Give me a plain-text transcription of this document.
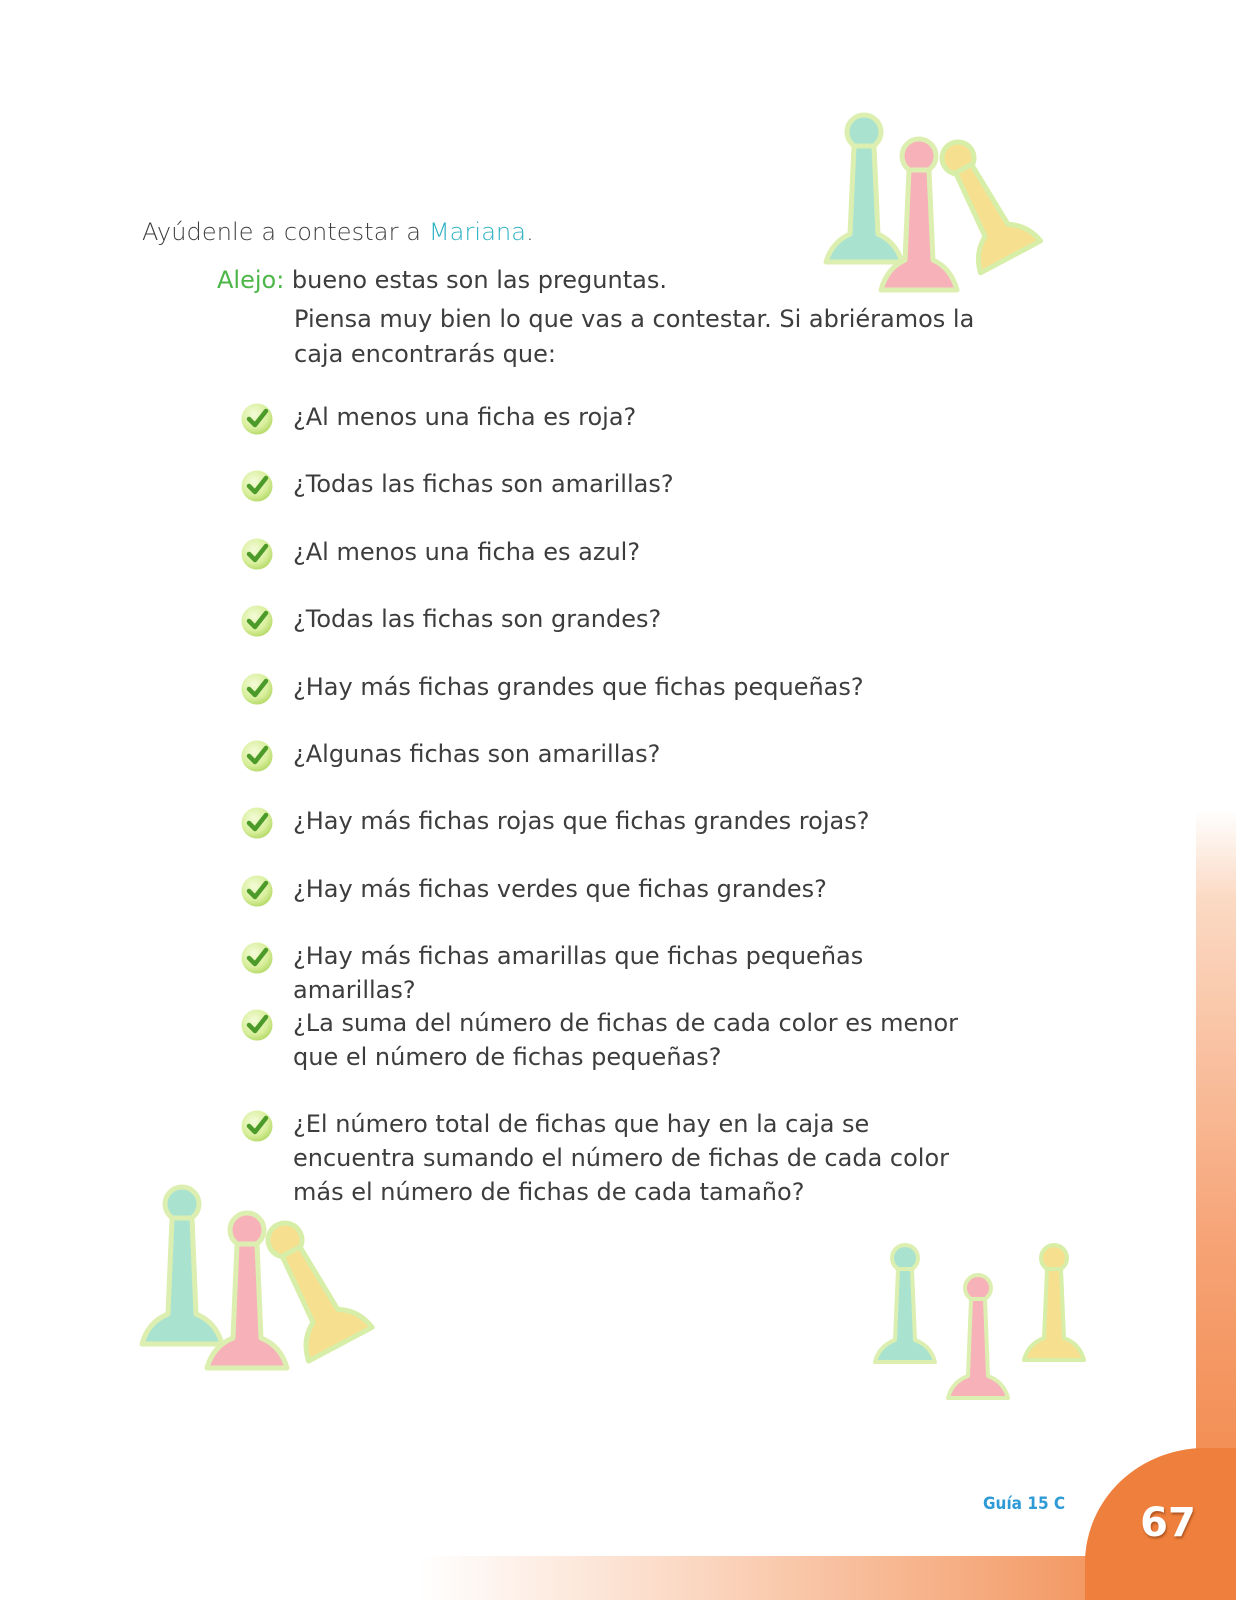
Ayúdenle a contestar a Mariana.
Alejo: bueno estas son las preguntas.
Piensa muy bien lo que vas a contestar. Si abriéramos la caja encontrarás que:
¿Al menos una ficha es roja?
¿Todas las fichas son amarillas?
¿Al menos una ficha es azul?
¿Todas las fichas son grandes?
¿Hay más fichas grandes que fichas pequeñas?
¿Algunas fichas son amarillas?
¿Hay más fichas rojas que fichas grandes rojas?
¿Hay más fichas verdes que fichas grandes?
¿Hay más fichas amarillas que fichas pequeñas amarillas?
¿La suma del número de fichas de cada color es menor que el número de fichas pequeñas?
¿El número total de fichas que hay en la caja se encuentra sumando el número de fichas de cada color más el número de fichas de cada tamaño?
Guía 15 C	67
